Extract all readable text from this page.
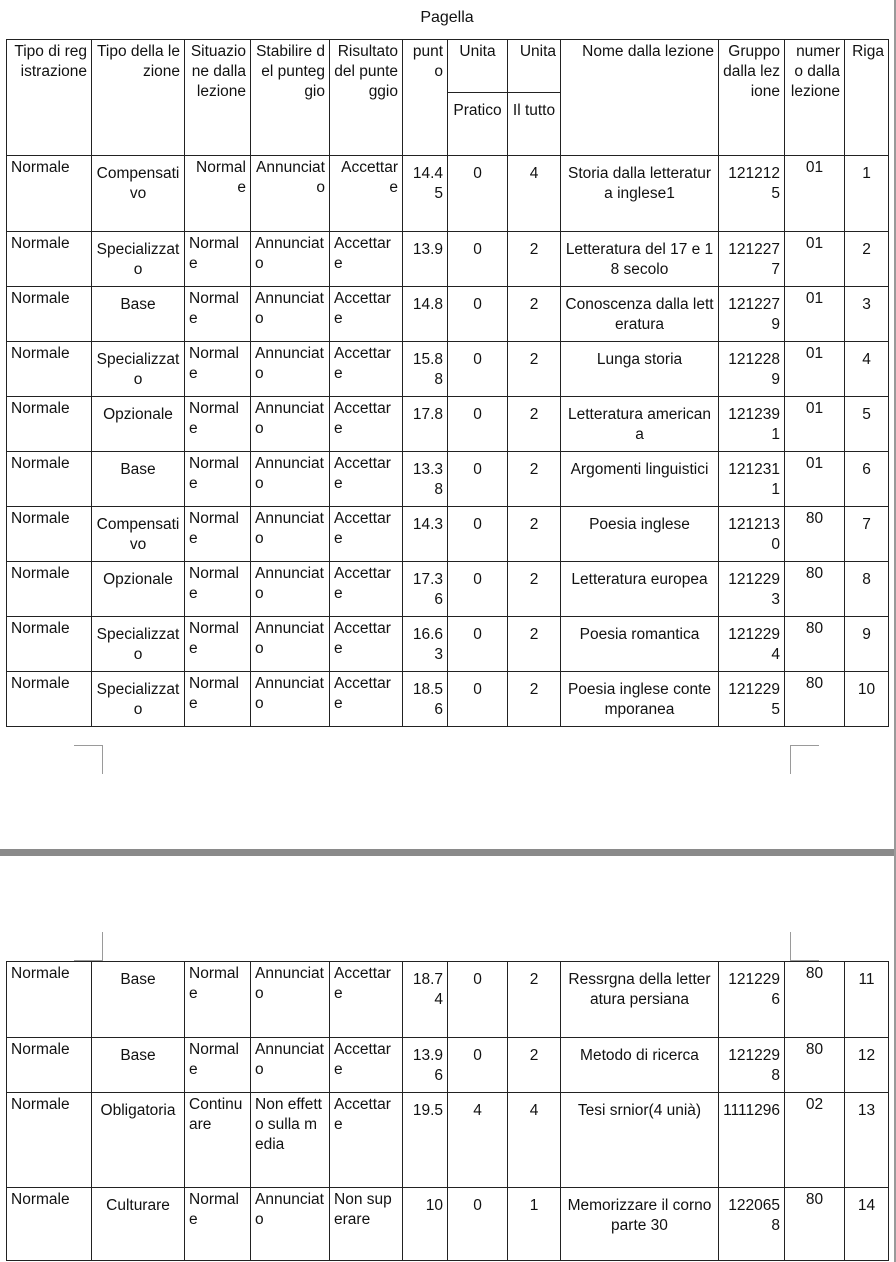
Pagella
Tipo di registrazione	Tipo della lezione	Situazione dalla lezione	Stabilire del punteggio	Risultato del punteggio	punto	Unita	Unita	Nome dalla lezione	Gruppo dalla lezione	numero dalla lezione	Riga
						Pratico	Il tutto				
Normale	Compensativo	Normale	Annunciato	Accettare	14.45	0	4	Storia dalla letteratura inglese1	1212125	01	1
Normale	Specializzato	Normale	Annunciato	Accettare	13.9	0	2	Letteratura del 17 e 18 secolo	1212277	01	2
Normale	Base	Normale	Annunciato	Accettare	14.8	0	2	Conoscenza dalla letteratura	1212279	01	3
Normale	Specializzato	Normale	Annunciato	Accettare	15.88	0	2	Lunga storia	1212289	01	4
Normale	Opzionale	Normale	Annunciato	Accettare	17.8	0	2	Letteratura americana	1212391	01	5
Normale	Base	Normale	Annunciato	Accettare	13.38	0	2	Argomenti linguistici	1212311	01	6
Normale	Compensativo	Normale	Annunciato	Accettare	14.3	0	2	Poesia inglese	1212130	80	7
Normale	Opzionale	Normale	Annunciato	Accettare	17.36	0	2	Letteratura europea	1212293	80	8
Normale	Specializzato	Normale	Annunciato	Accettare	16.63	0	2	Poesia romantica	1212294	80	9
Normale	Specializzato	Normale	Annunciato	Accettare	18.56	0	2	Poesia inglese contemporanea	1212295	80	10
Normale	Base	Normale	Annunciato	Accettare	18.74	0	2	Ressrgna della letteratura persiana	1212296	80	11
Normale	Base	Normale	Annunciato	Accettare	13.96	0	2	Metodo di ricerca	1212298	80	12
Normale	Obligatoria	Continuare	Non effetto sulla media	Accettare	19.5	4	4	Tesi srnior(4 unià)	1111296	02	13
Normale	Culturare	Normale	Annunciato	Non superare	10	0	1	Memorizzare il corno parte 30	1220658	80	14
